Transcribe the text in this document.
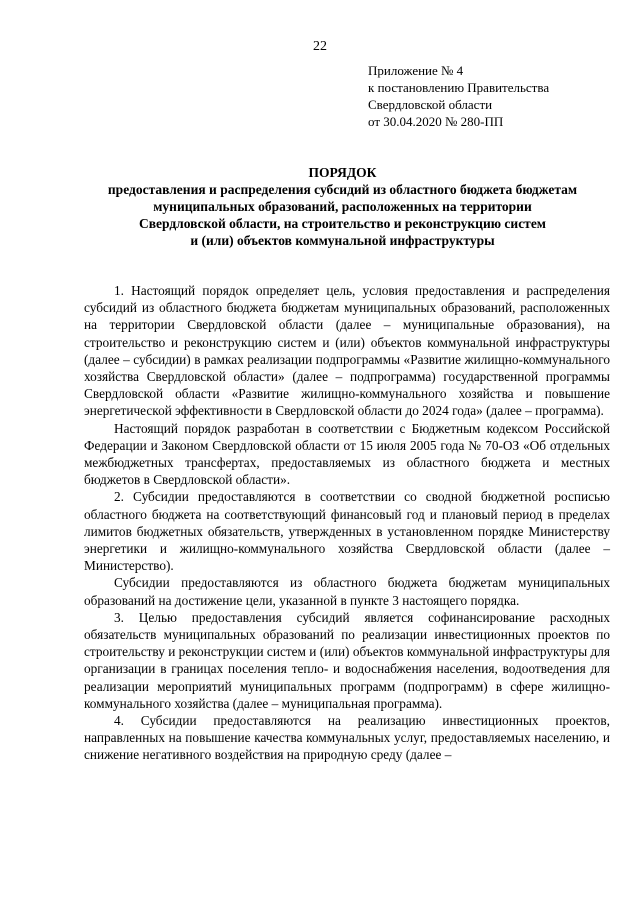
22
Приложение № 4
к постановлению Правительства
Свердловской области
от 30.04.2020 № 280-ПП
ПОРЯДОК
предоставления и распределения субсидий из областного бюджета бюджетам
муниципальных образований, расположенных на территории
Свердловской области, на строительство и реконструкцию систем
и (или) объектов коммунальной инфраструктуры

1. Настоящий порядок определяет цель, условия предоставления и распределения субсидий из областного бюджета бюджетам муниципальных образований, расположенных на территории Свердловской области (далее – муниципальные образования), на строительство и реконструкцию систем и (или) объектов коммунальной инфраструктуры (далее – субсидии) в рамках реализации подпрограммы «Развитие жилищно-коммунального хозяйства Свердловской области» (далее – подпрограмма) государственной программы Свердловской области «Развитие жилищно-коммунального хозяйства и повышение энергетической эффективности в Свердловской области до 2024 года» (далее – программа).

Настоящий порядок разработан в соответствии с Бюджетным кодексом Российской Федерации и Законом Свердловской области от 15 июля 2005 года № 70-ОЗ «Об отдельных межбюджетных трансфертах, предоставляемых из областного бюджета и местных бюджетов в Свердловской области».

2. Субсидии предоставляются в соответствии со сводной бюджетной росписью областного бюджета на соответствующий финансовый год и плановый период в пределах лимитов бюджетных обязательств, утвержденных в установленном порядке Министерству энергетики и жилищно-коммунального хозяйства Свердловской области (далее – Министерство).

Субсидии предоставляются из областного бюджета бюджетам муниципальных образований на достижение цели, указанной в пункте 3 настоящего порядка.

3. Целью предоставления субсидий является софинансирование расходных обязательств муниципальных образований по реализации инвестиционных проектов по строительству и реконструкции систем и (или) объектов коммунальной инфраструктуры для организации в границах поселения тепло- и водоснабжения населения, водоотведения для реализации мероприятий муниципальных программ (подпрограмм) в сфере жилищно-коммунального хозяйства (далее – муниципальная программа).

4. Субсидии предоставляются на реализацию инвестиционных проектов, направленных на повышение качества коммунальных услуг, предоставляемых населению, и снижение негативного воздействия на природную среду (далее –
